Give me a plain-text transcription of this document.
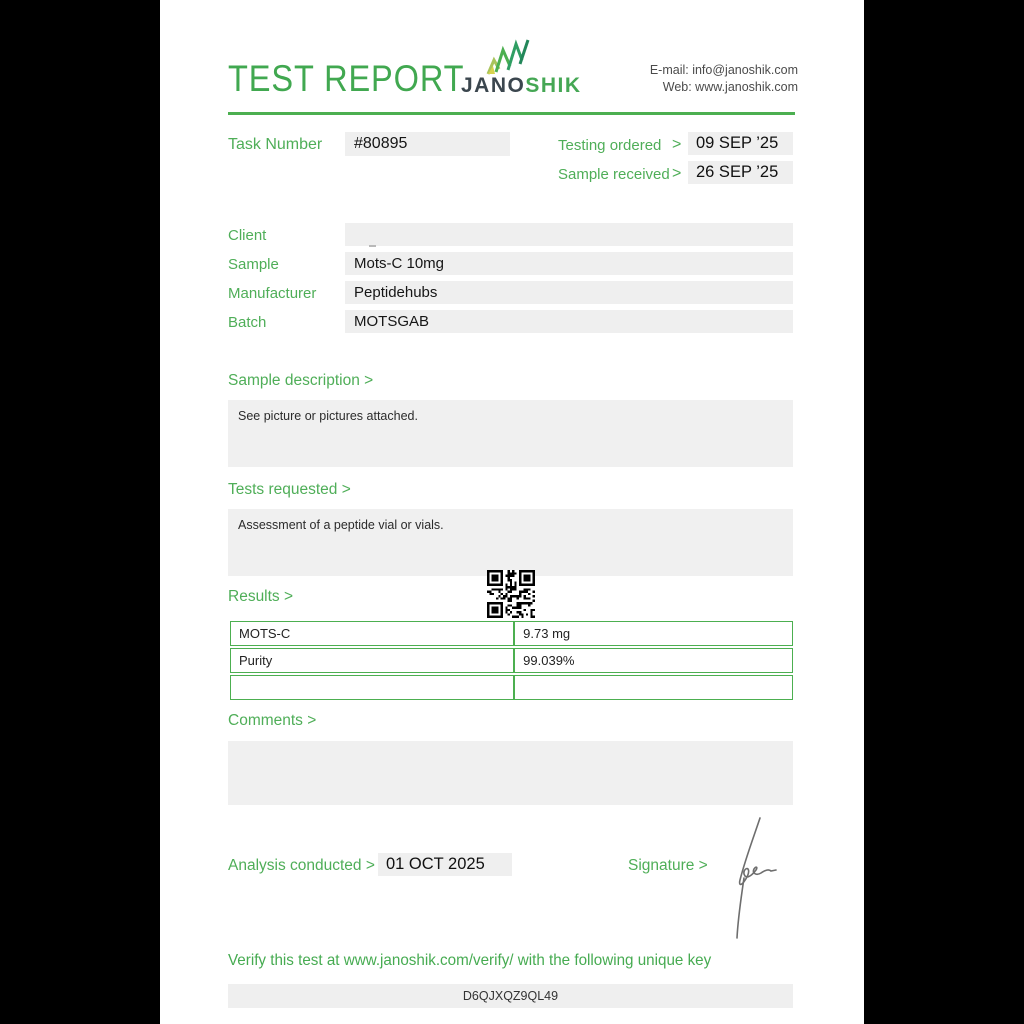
TEST REPORT
JANOSHIK
E-mail: info@janoshik.com
Web: www.janoshik.com
Task Number	#80895	Testing ordered > 09 SEP ’25
Sample received > 26 SEP ’25
Client
Sample	Mots-C 10mg
Manufacturer	Peptidehubs
Batch	MOTSGAB
Sample description >
See picture or pictures attached.
Tests requested >
Assessment of a peptide vial or vials.
Results >
MOTS-C	9.73 mg
Purity	99.039%

Comments >
Analysis conducted > 01 OCT 2025	Signature >
Verify this test at www.janoshik.com/verify/ with the following unique key
D6QJXQZ9QL49
